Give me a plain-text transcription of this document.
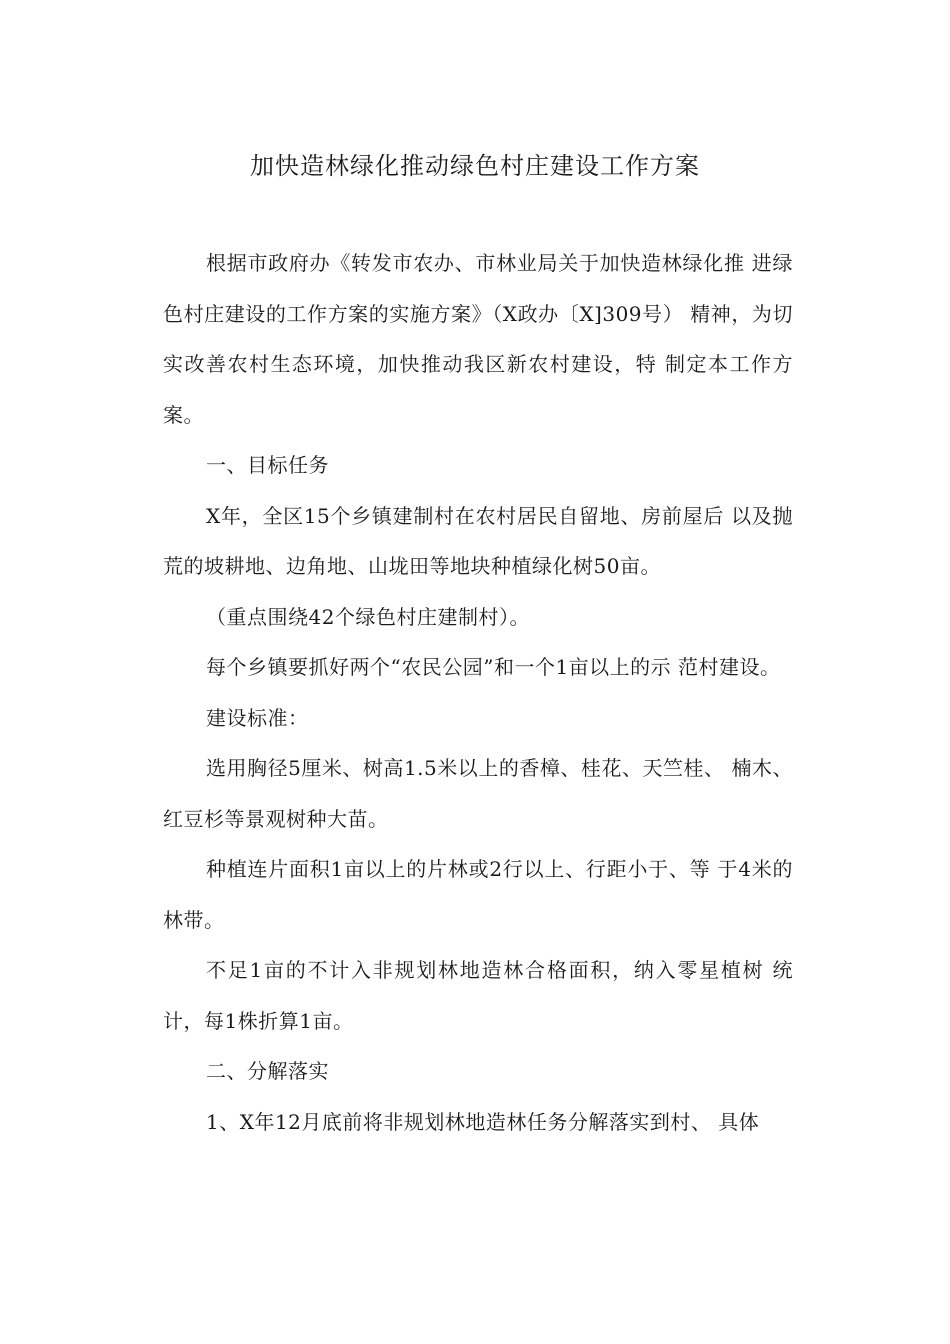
加快造林绿化推动绿色村庄建设工作方案

根据市政府办《转发市农办、市林业局关于加快造林绿化推 进绿色村庄建设的工作方案的实施方案》（X政办〔X]309号） 精神，为切实改善农村生态环境，加快推动我区新农村建设，特 制定本工作方案。

一、目标任务

X年，全区15个乡镇建制村在农村居民自留地、房前屋后 以及抛荒的坡耕地、边角地、山垅田等地块种植绿化树50亩。

（重点围绕42个绿色村庄建制村）。

每个乡镇要抓好两个“农民公园”和一个1亩以上的示 范村建设。

建设标准：

选用胸径5厘米、树高1.5米以上的香樟、桂花、天竺桂、 楠木、红豆杉等景观树种大苗。

种植连片面积1亩以上的片林或2行以上、行距小于、等 于4米的林带。

不足1亩的不计入非规划林地造林合格面积，纳入零星植树 统计，每1株折算1亩。

二、分解落实

1、X年12月底前将非规划林地造林任务分解落实到村、 具体
